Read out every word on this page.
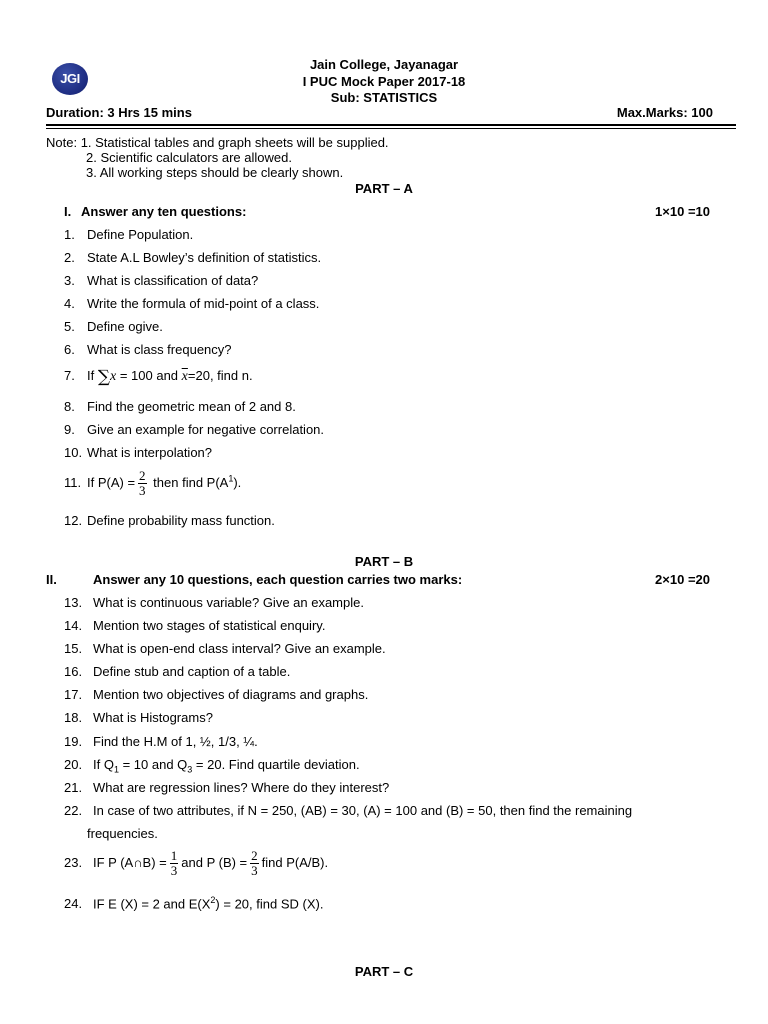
JGI
Jain College, Jayanagar
I PUC Mock Paper 2017-18
Sub: STATISTICS
Duration: 3 Hrs 15 mins	Max.Marks: 100
Note: 1. Statistical tables and graph sheets will be supplied.
2. Scientific calculators are allowed.
3. All working steps should be clearly shown.
PART – A
I. Answer any ten questions:	1×10 =10
1. Define Population.
2. State A.L Bowley’s definition of statistics.
3. What is classification of data?
4. Write the formula of mid-point of a class.
5. Define ogive.
6. What is class frequency?
7. If ∑x = 100 and $\overline{x}=20$, find n.
8. Find the geometric mean of 2 and 8.
9. Give an example for negative correlation.
10. What is interpolation?
11. If $P(A) = \frac{2}{3}$ then find $P(A^1)$.
12. Define probability mass function.
PART – B
II.	Answer any 10 questions, each question carries two marks:	2×10 =20
13. What is continuous variable? Give an example.
14. Mention two stages of statistical enquiry.
15. What is open-end class interval? Give an example.
16. Define stub and caption of a table.
17. Mention two objectives of diagrams and graphs.
18. What is Histograms?
19. Find the H.M of 1, ½, 1/3, ¼.
20. If $Q_1 = 10$ and $Q_3 = 20$. Find quartile deviation.
21. What are regression lines? Where do they interest?
22. In case of two attributes, if N = 250, (AB) = 30, (A) = 100 and (B) = 50, then find the remaining
frequencies.
23. IF P (A∩B) = $\frac{1}{3}$ and P $(B) = \frac{2}{3}$ find P(A/B).
24. IF E (X) = 2 and $E(X^2) = 20$, find SD (X).
PART – C
